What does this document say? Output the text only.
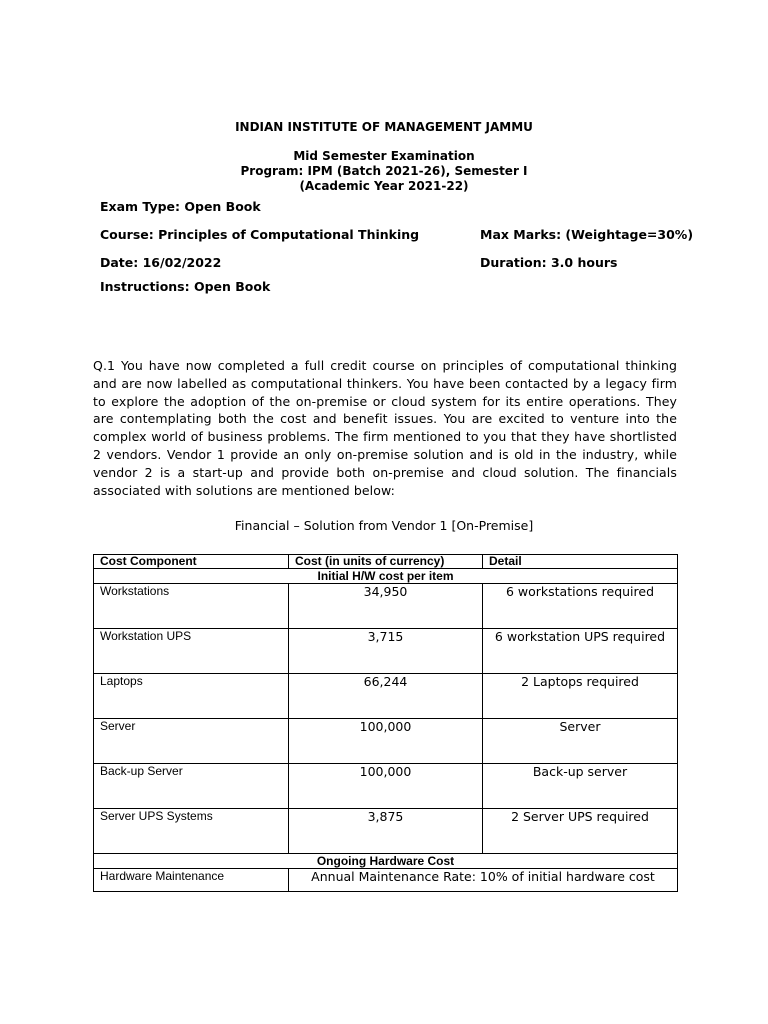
INDIAN INSTITUTE OF MANAGEMENT JAMMU
Mid Semester Examination
Program: IPM (Batch 2021-26), Semester I
(Academic Year 2021-22)
Exam Type: Open Book
Course: Principles of Computational Thinking	Max Marks: (Weightage=30%)
Date: 16/02/2022	Duration: 3.0 hours
Instructions: Open Book
Q.1 You have now completed a full credit course on principles of computational thinking and are now labelled as computational thinkers. You have been contacted by a legacy firm to explore the adoption of the on-premise or cloud system for its entire operations. They are contemplating both the cost and benefit issues. You are excited to venture into the complex world of business problems. The firm mentioned to you that they have shortlisted 2 vendors. Vendor 1 provide an only on-premise solution and is old in the industry, while vendor 2 is a start-up and provide both on-premise and cloud solution. The financials associated with solutions are mentioned below:
Financial – Solution from Vendor 1 [On-Premise]
Cost Component	Cost (in units of currency)	Detail
Initial H/W cost per item		
Workstations	34,950	6 workstations required
Workstation UPS	3,715	6 workstation UPS required
Laptops	66,244	2 Laptops required
Server	100,000	Server
Back-up Server	100,000	Back-up server
Server UPS Systems	3,875	2 Server UPS required
Ongoing Hardware Cost		
Hardware Maintenance	Annual Maintenance Rate: 10% of initial hardware cost	
